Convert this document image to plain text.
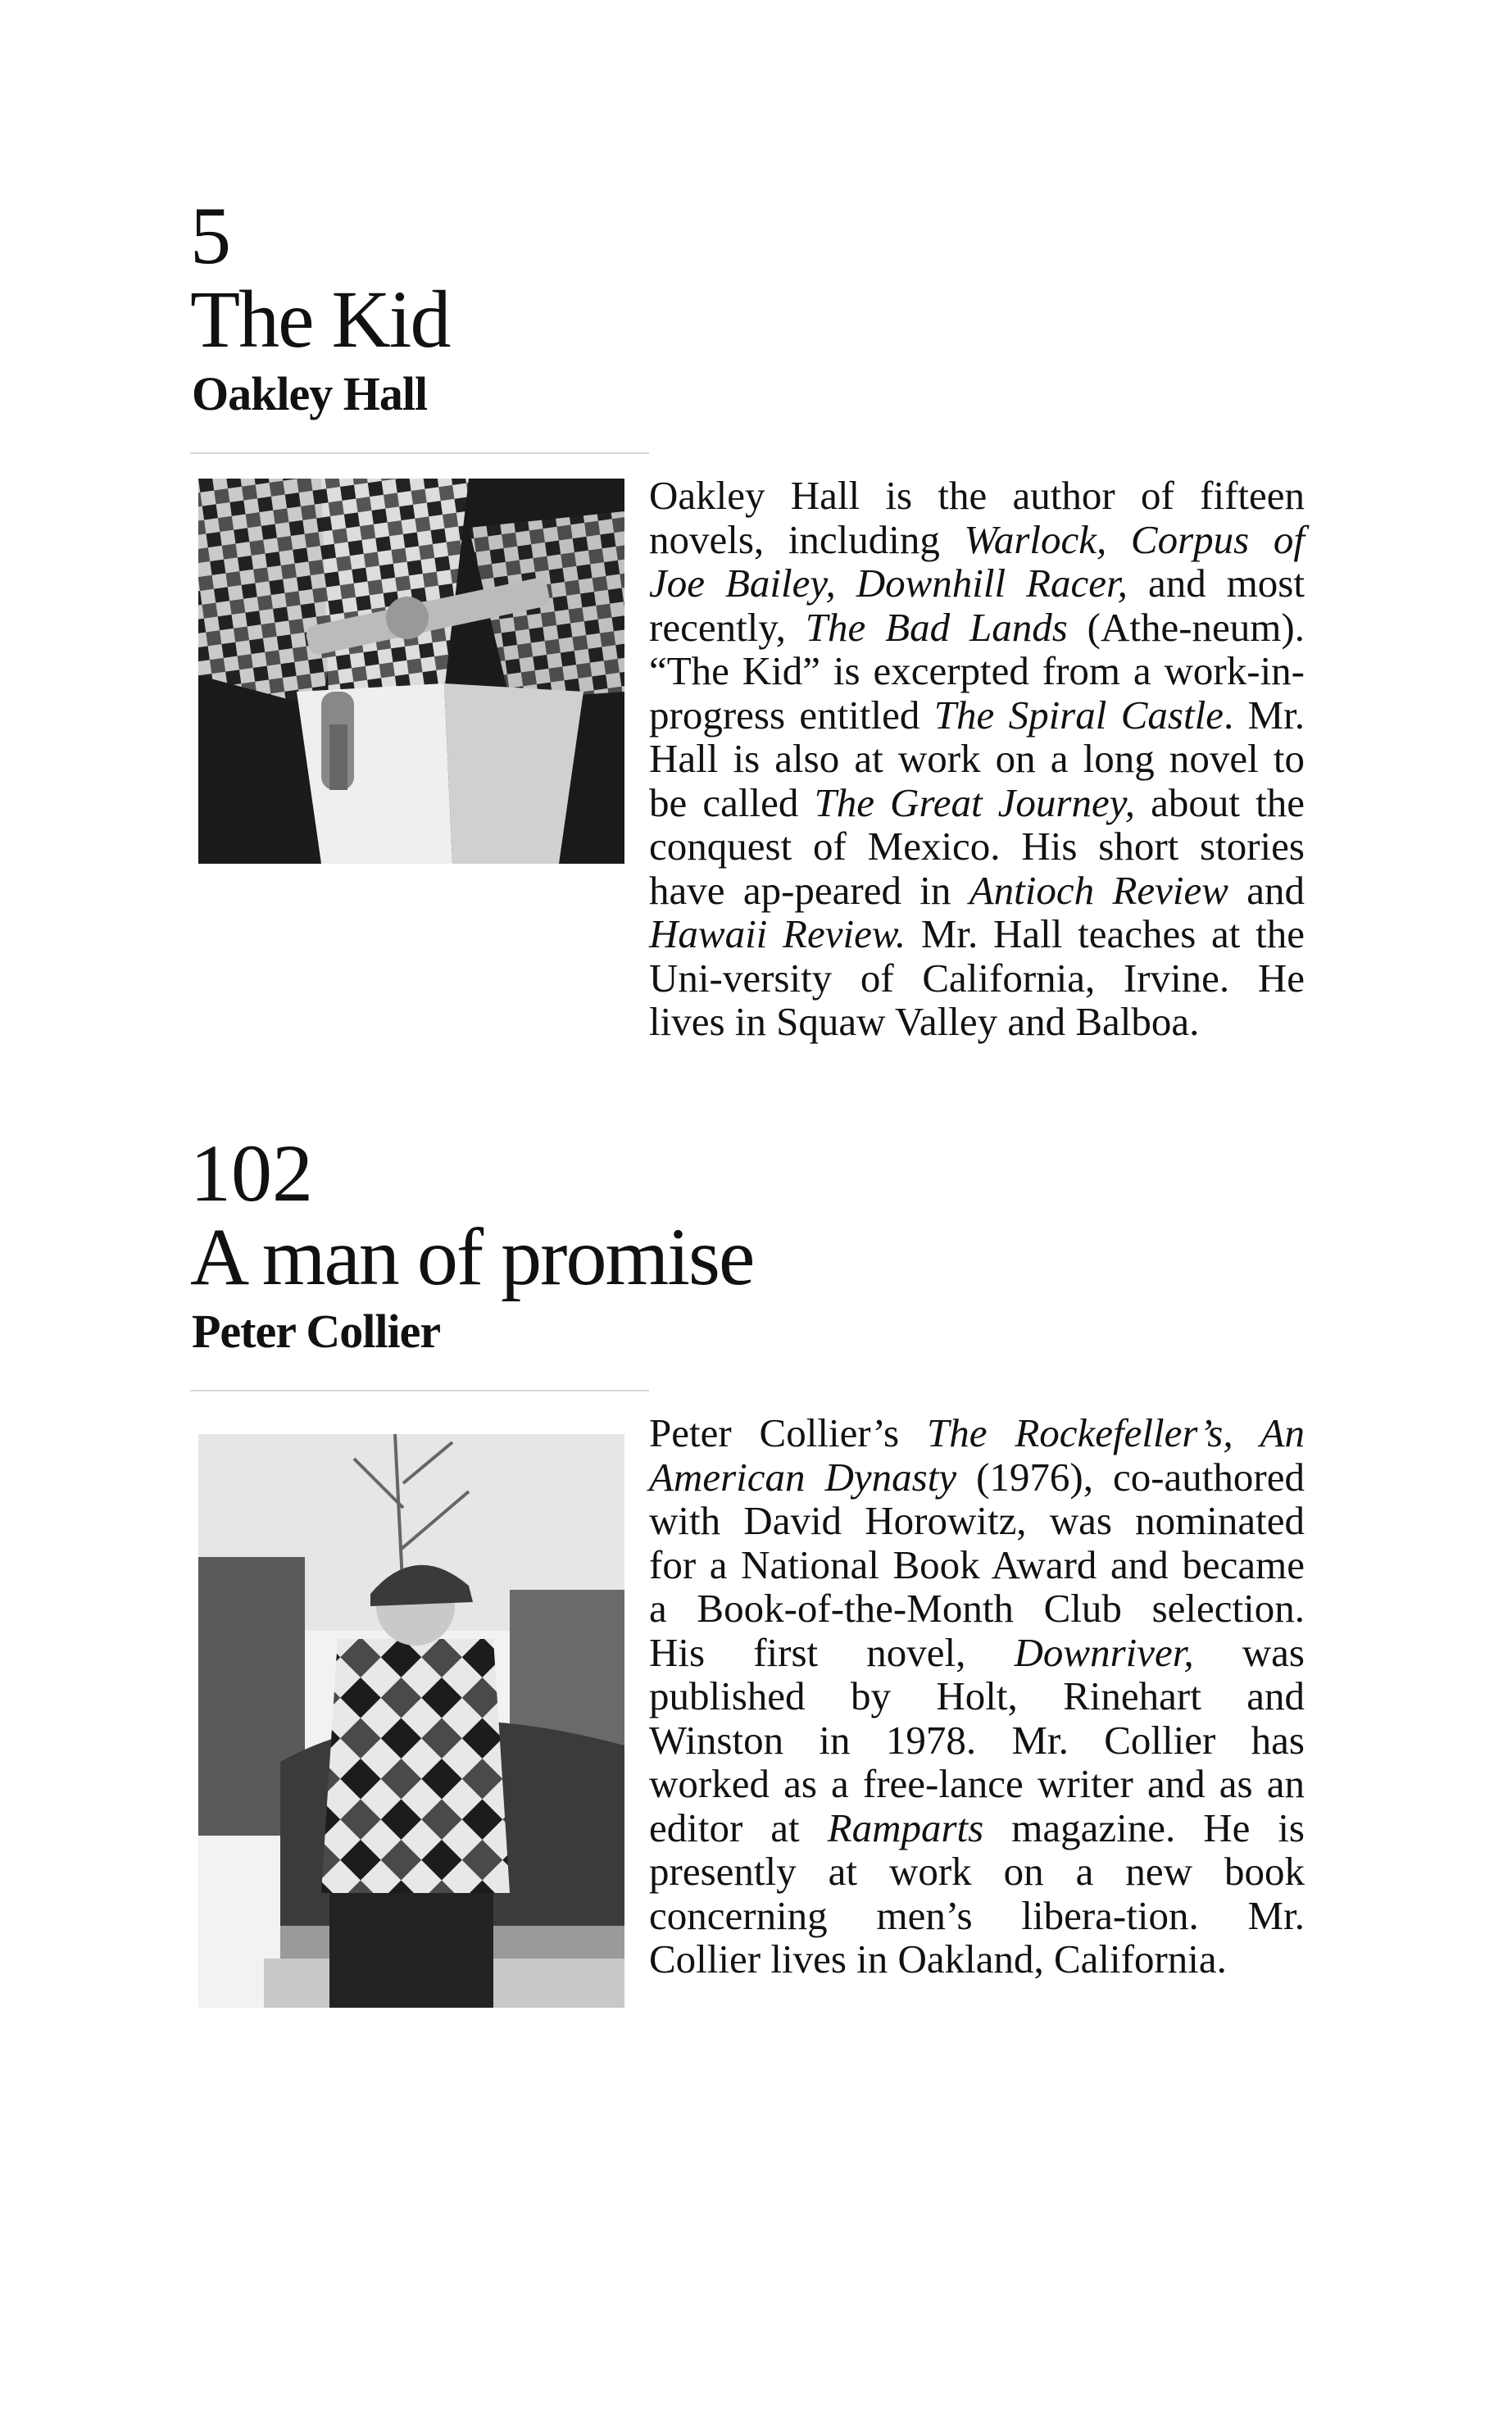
5
The Kid
Oakley Hall
Oakley Hall is the author of fifteen novels, including Warlock, Corpus of Joe Bailey, Downhill Racer, and most recently, The Bad Lands (Athe-neum). “The Kid” is excerpted from a work-in-progress entitled The Spiral Castle. Mr. Hall is also at work on a long novel to be called The Great Journey, about the conquest of Mexico. His short stories have ap-peared in Antioch Review and Hawaii Review. Mr. Hall teaches at the Uni-versity of California, Irvine. He lives in Squaw Valley and Balboa.
102
A man of promise
Peter Collier
Peter Collier’s The Rockefeller’s, An American Dynasty (1976), co-authored with David Horowitz, was nominated for a National Book Award and became a Book-of-the-Month Club selection. His first novel, Downriver, was published by Holt, Rinehart and Winston in 1978. Mr. Collier has worked as a free-lance writer and as an editor at Ramparts magazine. He is presently at work on a new book concerning men’s libera-tion. Mr. Collier lives in Oakland, California.
